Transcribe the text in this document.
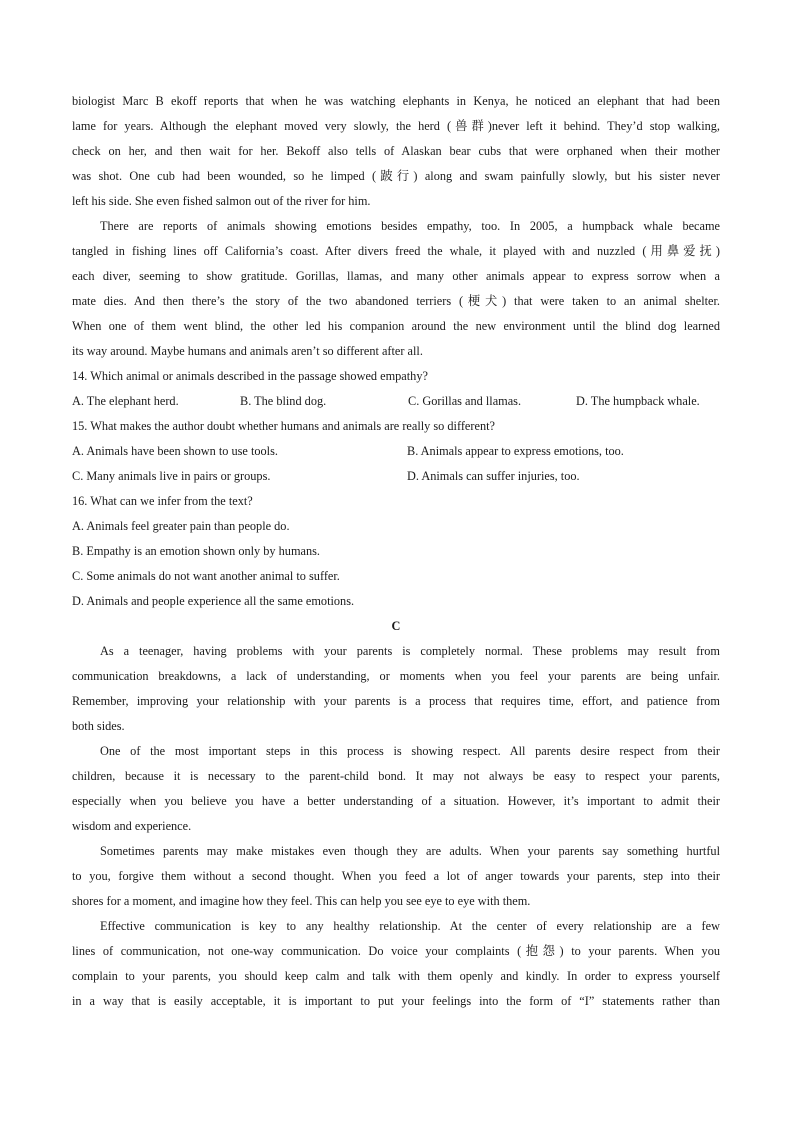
biologist Marc B ekoff reports that when he was watching elephants in Kenya, he noticed an elephant that had been
lame for years. Although the elephant moved very slowly, the herd (兽群)never left it behind. They’d stop walking,
check on her, and then wait for her. Bekoff also tells of Alaskan bear cubs that were orphaned when their mother
was shot. One cub had been wounded, so he limped (跛行) along and swam painfully slowly, but his sister never
left his side. She even fished salmon out of the river for him.
There are reports of animals showing emotions besides empathy, too. In 2005, a humpback whale became
tangled in fishing lines off California’s coast. After divers freed the whale, it played with and nuzzled (用鼻爱抚)
each diver, seeming to show gratitude. Gorillas, llamas, and many other animals appear to express sorrow when a
mate dies. And then there’s the story of the two abandoned terriers (梗犬) that were taken to an animal shelter.
When one of them went blind, the other led his companion around the new environment until the blind dog learned
its way around. Maybe humans and animals aren’t so different after all.
14. Which animal or animals described in the passage showed empathy?
A. The elephant herd.	B. The blind dog.	C. Gorillas and llamas.	D. The humpback whale.
15. What makes the author doubt whether humans and animals are really so different?
A. Animals have been shown to use tools.	B. Animals appear to express emotions, too.
C. Many animals live in pairs or groups.	D. Animals can suffer injuries, too.
16. What can we infer from the text?
A. Animals feel greater pain than people do.
B. Empathy is an emotion shown only by humans.
C. Some animals do not want another animal to suffer.
D. Animals and people experience all the same emotions.
C
As a teenager, having problems with your parents is completely normal. These problems may result from
communication breakdowns, a lack of understanding, or moments when you feel your parents are being unfair.
Remember, improving your relationship with your parents is a process that requires time, effort, and patience from
both sides.
One of the most important steps in this process is showing respect. All parents desire respect from their
children, because it is necessary to the parent-child bond. It may not always be easy to respect your parents,
especially when you believe you have a better understanding of a situation. However, it’s important to admit their
wisdom and experience.
Sometimes parents may make mistakes even though they are adults. When your parents say something hurtful
to you, forgive them without a second thought. When you feed a lot of anger towards your parents, step into their
shores for a moment, and imagine how they feel. This can help you see eye to eye with them.
Effective communication is key to any healthy relationship. At the center of every relationship are a few
lines of communication, not one-way communication. Do voice your complaints (抱怨) to your parents. When you
complain to your parents, you should keep calm and talk with them openly and kindly. In order to express yourself
in a way that is easily acceptable, it is important to put your feelings into the form of “I” statements rather than
